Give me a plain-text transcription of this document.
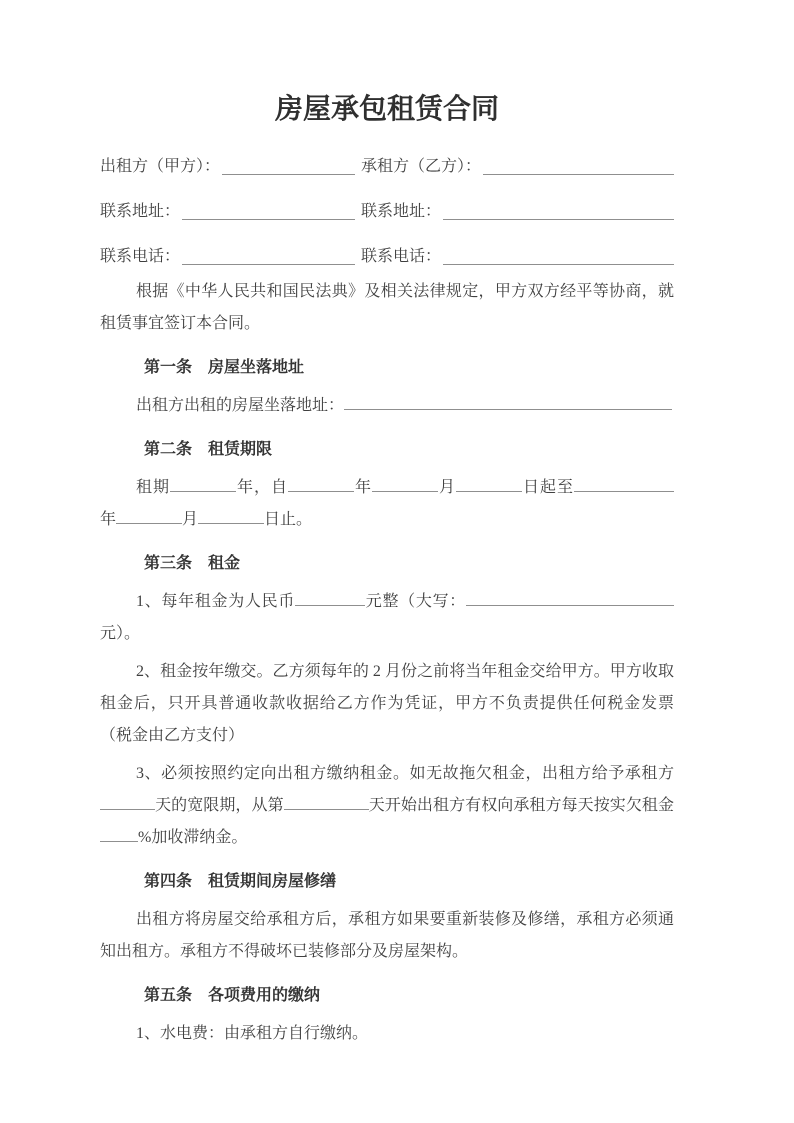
房屋承包租赁合同
出租方（甲方）：	承租方（乙方）：
联系地址：	联系地址：
联系电话：	联系电话：

根据《中华人民共和国民法典》及相关法律规定，甲方双方经平等协商，就租赁事宜签订本合同。

第一条　房屋坐落地址

出租方出租的房屋坐落地址：

第二条　租赁期限

租期	年，自	年	月	日起至年	月	日止。

第三条　租金

1、每年租金为人民币	元整（大写：元）。

2、租金按年缴交。乙方须每年的 2 月份之前将当年租金交给甲方。甲方收取租金后，只开具普通收款收据给乙方作为凭证，甲方不负责提供任何税金发票（税金由乙方支付）

3、必须按照约定向出租方缴纳租金。如无故拖欠租金，出租方给予承租方天的宽限期，从第	天开始出租方有权向承租方每天按实欠租金%加收滞纳金。

第四条　租赁期间房屋修缮

出租方将房屋交给承租方后，承租方如果要重新装修及修缮，承租方必须通知出租方。承租方不得破坏已装修部分及房屋架构。

第五条　各项费用的缴纳

1、水电费：由承租方自行缴纳。
